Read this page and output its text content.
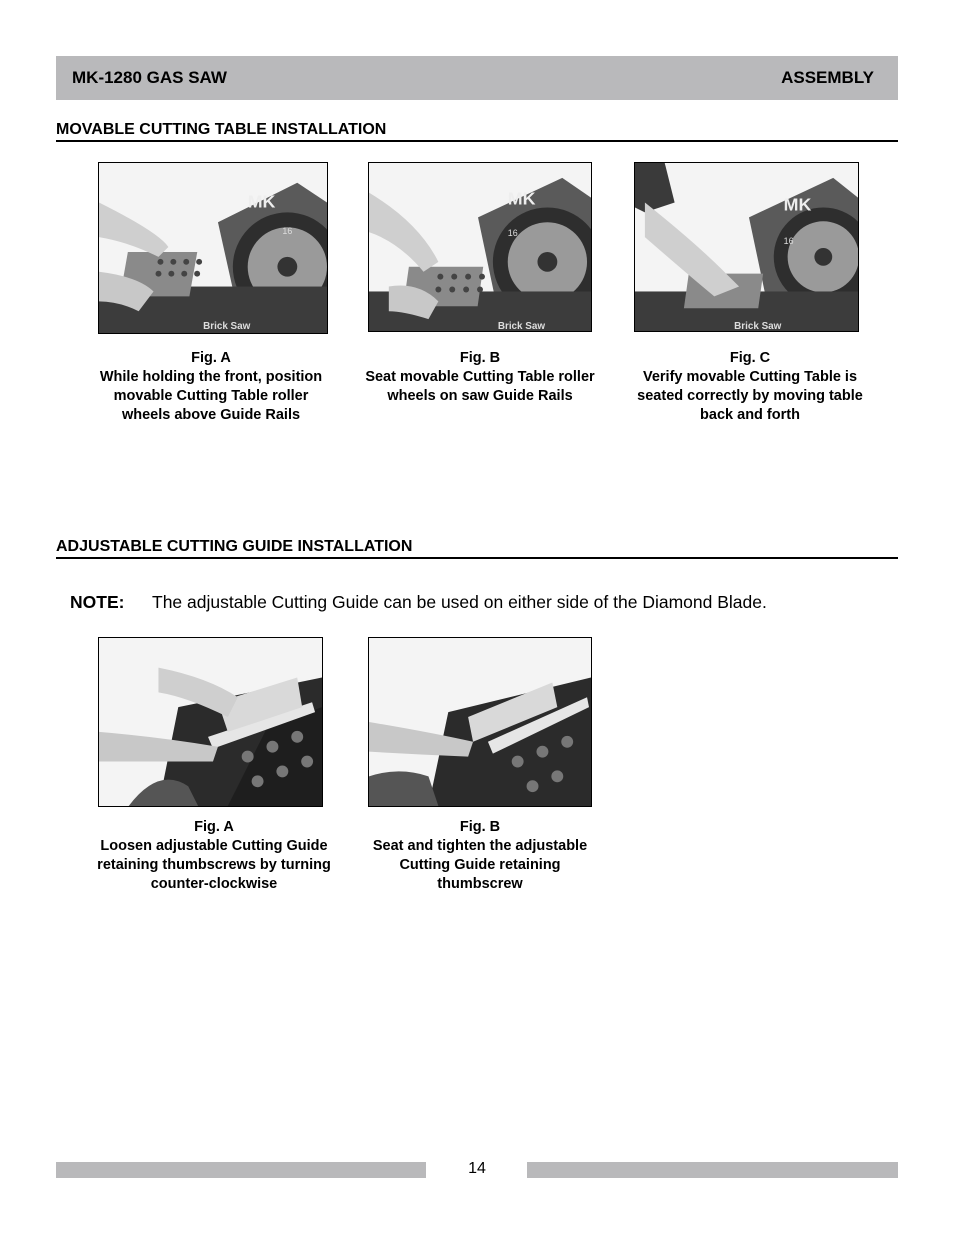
MK-1280 GAS SAW	ASSEMBLY
MOVABLE CUTTING TABLE INSTALLATION
MK
16
Brick Saw
MK
16
Brick Saw
MK
16
Brick Saw
Fig. A
While holding the front, position movable Cutting Table roller wheels above Guide Rails
Fig. B
Seat movable Cutting Table roller wheels on saw Guide Rails
Fig. C
Verify movable Cutting Table is seated correctly by moving table back and forth
ADJUSTABLE CUTTING GUIDE INSTALLATION
NOTE:	The adjustable Cutting Guide can be used on either side of the Diamond Blade.
Fig. A
Loosen adjustable Cutting Guide retaining thumbscrews by turning counter-clockwise
Fig. B
Seat and tighten the adjustable Cutting Guide retaining thumbscrew
14
